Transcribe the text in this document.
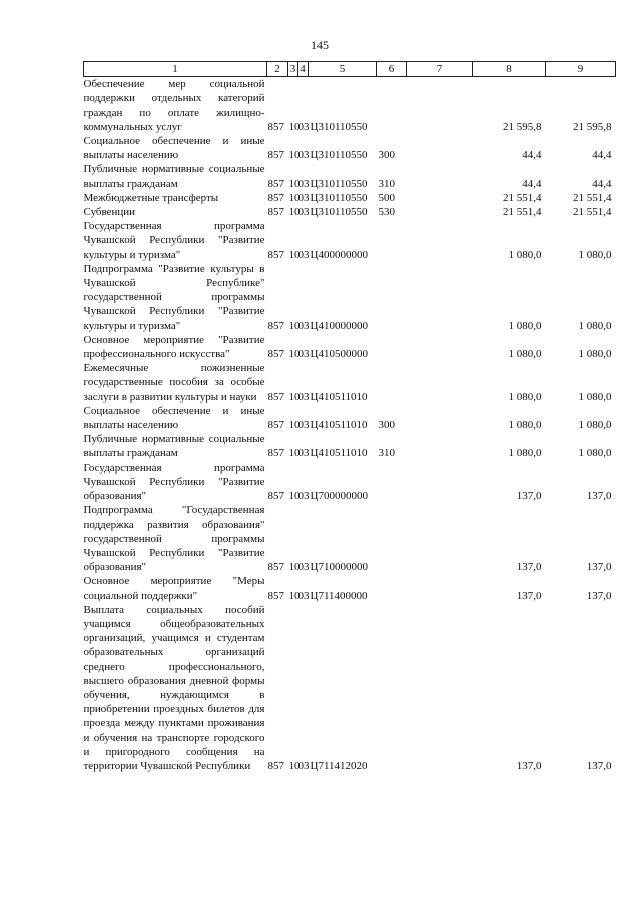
145
1	2	3	4	5	6	7	8	9
Обеспечение мер социальной поддержки отдельных категорий граждан по оплате жилищно-коммунальных услуг	857	10	03	Ц310110550			21 595,8	21 595,8
Социальное обеспечение и иные выплаты населению	857	10	03	Ц310110550	300		44,4	44,4
Публичные нормативные социальные выплаты гражданам	857	10	03	Ц310110550	310		44,4	44,4
Межбюджетные трансферты	857	10	03	Ц310110550	500		21 551,4	21 551,4
Субвенции	857	10	03	Ц310110550	530		21 551,4	21 551,4
Государственная программа Чувашской Республики "Развитие культуры и туризма"	857	10	03	Ц400000000			1 080,0	1 080,0
Подпрограмма "Развитие культуры в Чувашской Республике" государственной программы Чувашской Республики "Развитие культуры и туризма"	857	10	03	Ц410000000			1 080,0	1 080,0
Основное мероприятие "Развитие профессионального искусства"	857	10	03	Ц410500000			1 080,0	1 080,0
Ежемесячные пожизненные государственные пособия за особые заслуги в развитии культуры и науки	857	10	03	Ц410511010			1 080,0	1 080,0
Социальное обеспечение и иные выплаты населению	857	10	03	Ц410511010	300		1 080,0	1 080,0
Публичные нормативные социальные выплаты гражданам	857	10	03	Ц410511010	310		1 080,0	1 080,0
Государственная программа Чувашской Республики "Развитие образования"	857	10	03	Ц700000000			137,0	137,0
Подпрограмма "Государственная поддержка развития образования" государственной программы Чувашской Республики "Развитие образования"	857	10	03	Ц710000000			137,0	137,0
Основное мероприятие "Меры социальной поддержки"	857	10	03	Ц711400000			137,0	137,0
Выплата социальных пособий учащимся общеобразовательных организаций, учащимся и студентам образовательных организаций среднего профессионального, высшего образования дневной формы обучения, нуждающимся в приобретении проездных билетов для проезда между пунктами проживания и обучения на транспорте городского и пригородного сообщения на территории Чувашской Республики	857	10	03	Ц711412020			137,0	137,0
